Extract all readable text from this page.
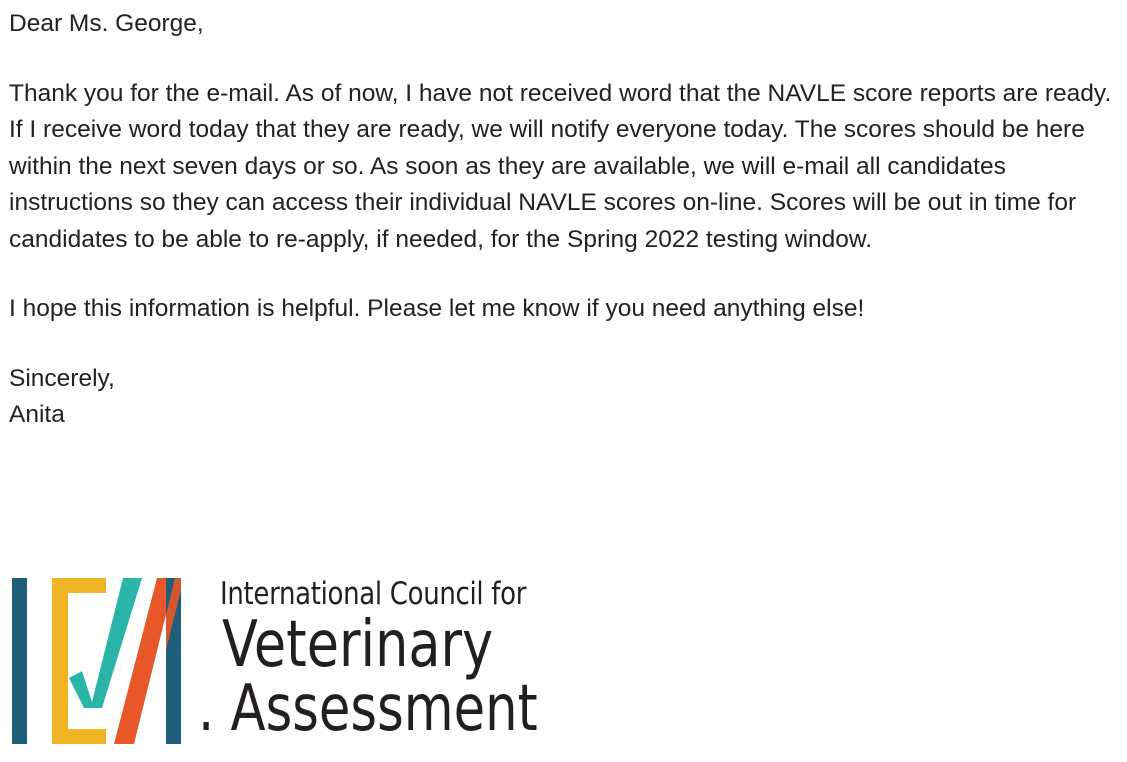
Dear Ms. George,

Thank you for the e-mail. As of now, I have not received word that the NAVLE score reports are ready. If I receive word today that they are ready, we will notify everyone today. The scores should be here within the next seven days or so. As soon as they are available, we will e-mail all candidates instructions so they can access their individual NAVLE scores on-line. Scores will be out in time for candidates to be able to re-apply, if needed, for the Spring 2022 testing window.

I hope this information is helpful. Please let me know if you need anything else!

Sincerely,

Anita

International Council for
Veterinary
. Assessment
